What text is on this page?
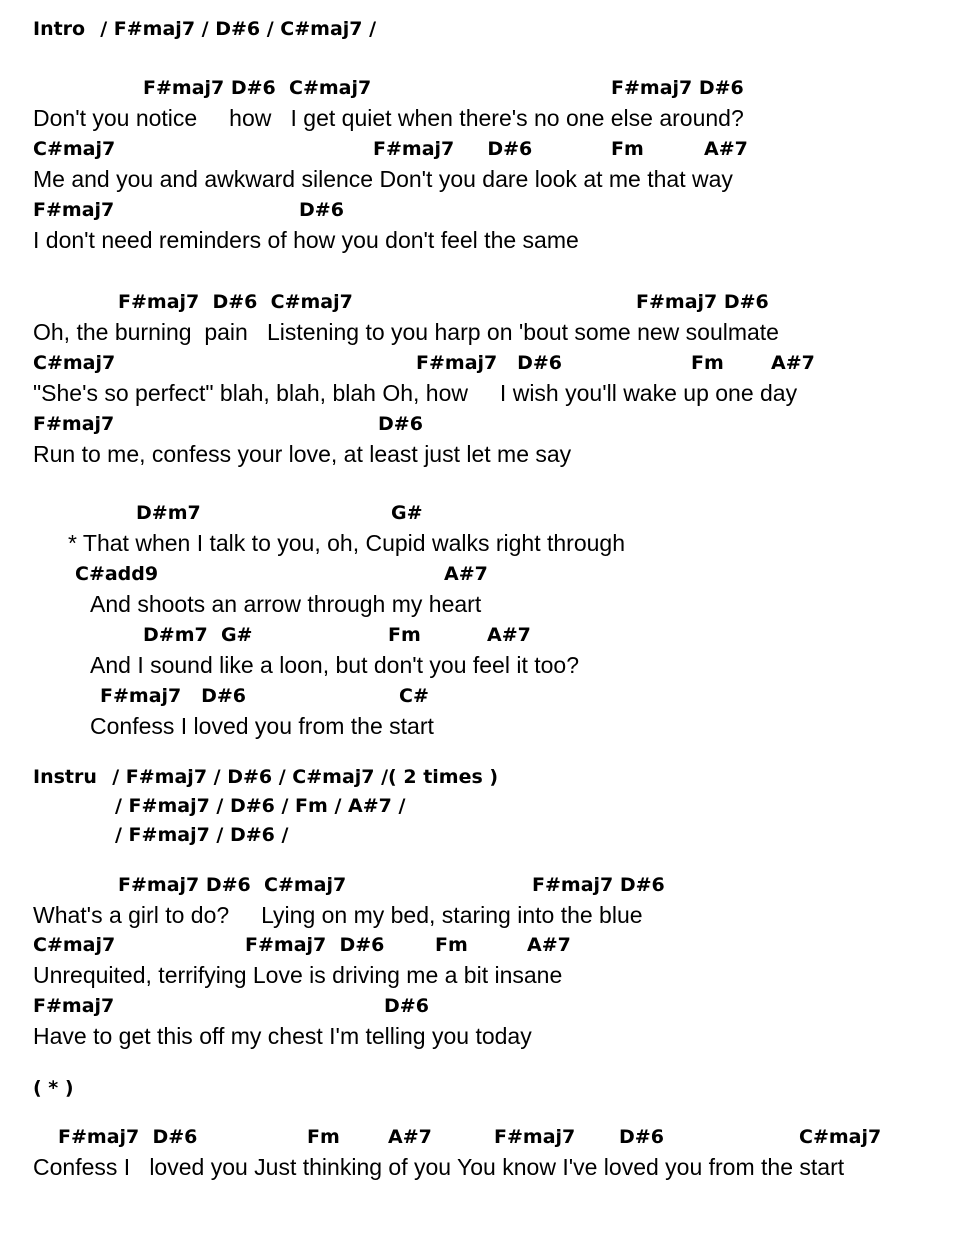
Intro / F#maj7 / D#6 / C#maj7 /
F#maj7 D#6  C#maj7	F#maj7 D#6
Don't you notice     how   I get quiet when there's no one else around?
C#maj7	F#maj7     D#6	Fm	A#7
Me and you and awkward silence Don't you dare look at me that way
F#maj7	D#6
I don't need reminders of how you don't feel the same
F#maj7  D#6  C#maj7	F#maj7 D#6
Oh, the burning  pain   Listening to you harp on 'bout some new soulmate
C#maj7	F#maj7   D#6	Fm A#7
"She's so perfect" blah, blah, blah Oh, how     I wish you'll wake up one day
F#maj7	D#6
Run to me, confess your love, at least just let me say
D#m7	G#
* That when I talk to you, oh, Cupid walks right through
C#add9	A#7
And shoots an arrow through my heart
D#m7  G#	Fm	A#7
And I sound like a loon, but don't you feel it too?
F#maj7   D#6	C#
Confess I loved you from the start
Instru / F#maj7 / D#6 / C#maj7 /( 2 times )
/ F#maj7 / D#6 / Fm / A#7 /
/ F#maj7 / D#6 /
F#maj7 D#6  C#maj7	F#maj7 D#6
What's a girl to do?     Lying on my bed, staring into the blue
C#maj7	F#maj7  D#6	Fm	A#7
Unrequited, terrifying Love is driving me a bit insane
F#maj7	D#6
Have to get this off my chest I'm telling you today
( * )
F#maj7  D#6	Fm	A#7	F#maj7 D#6	C#maj7
Confess I   loved you Just thinking of you You know I've loved you from the start
